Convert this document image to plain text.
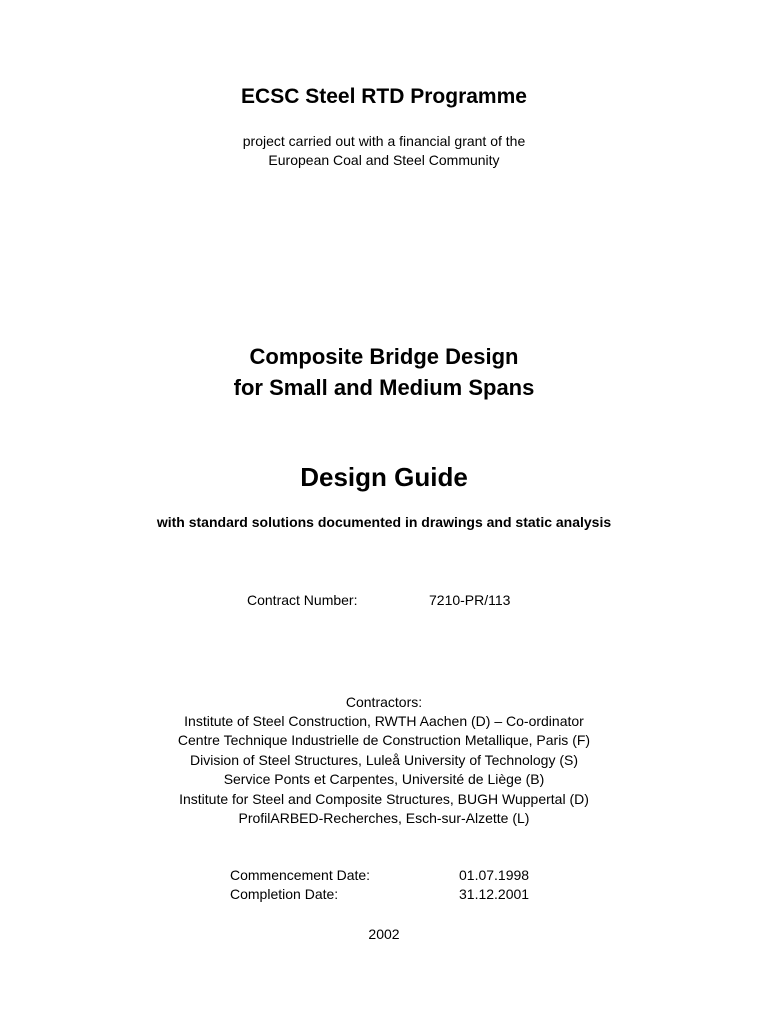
ECSC Steel RTD Programme
project carried out with a financial grant of the
European Coal and Steel Community
Composite Bridge Design
for Small and Medium Spans
Design Guide
with standard solutions documented in drawings and static analysis
Contract Number:	7210-PR/113
Contractors:
Institute of Steel Construction, RWTH Aachen (D) – Co-ordinator
Centre Technique Industrielle de Construction Metallique, Paris (F)
Division of Steel Structures, Luleå University of Technology (S)
Service Ponts et Carpentes, Université de Liège (B)
Institute for Steel and Composite Structures, BUGH Wuppertal (D)
ProfilARBED-Recherches, Esch-sur-Alzette (L)
Commencement Date:	01.07.1998
Completion Date:	31.12.2001
2002
